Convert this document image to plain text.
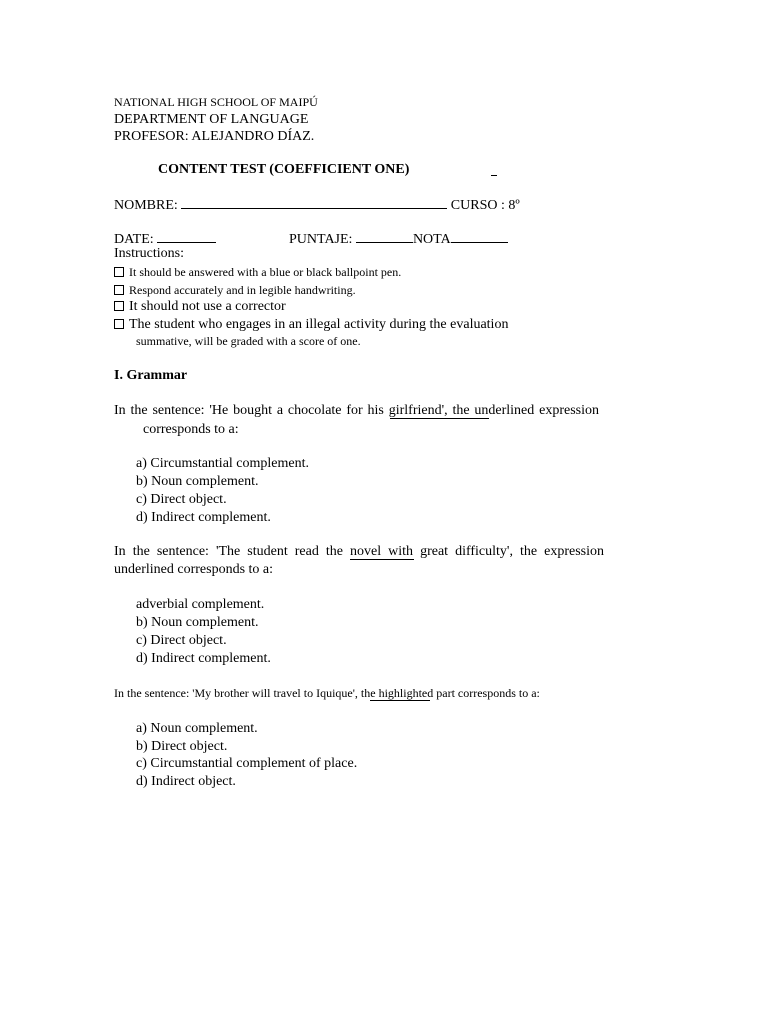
NATIONAL HIGH SCHOOL OF MAIPÚ

DEPARTMENT OF LANGUAGE

PROFESOR: ALEJANDRO DÍAZ.

CONTENT TEST (COEFFICIENT ONE)

NOMBRE:	CURSO : 8º
DATE:	PUNTAJE:	NOTA

Instructions:

It should be answered with a blue or black ballpoint pen.
Respond accurately and in legible handwriting.
It should not use a corrector
The student who engages in an illegal activity during the evaluation

summative, will be graded with a score of one.

I. Grammar

In the sentence: 'He bought a chocolate for his girlfriend', the underlined expression

corresponds to a:

a) Circumstantial complement.

b) Noun complement.

c) Direct object.

d) Indirect complement.

In the sentence: 'The student read the novel with great difficulty', the expression

underlined corresponds to a:

adverbial complement.

b) Noun complement.

c) Direct object.

d) Indirect complement.

In the sentence: 'My brother will travel to Iquique', the highlighted part corresponds to a:

a) Noun complement.

b) Direct object.

c) Circumstantial complement of place.

d) Indirect object.
